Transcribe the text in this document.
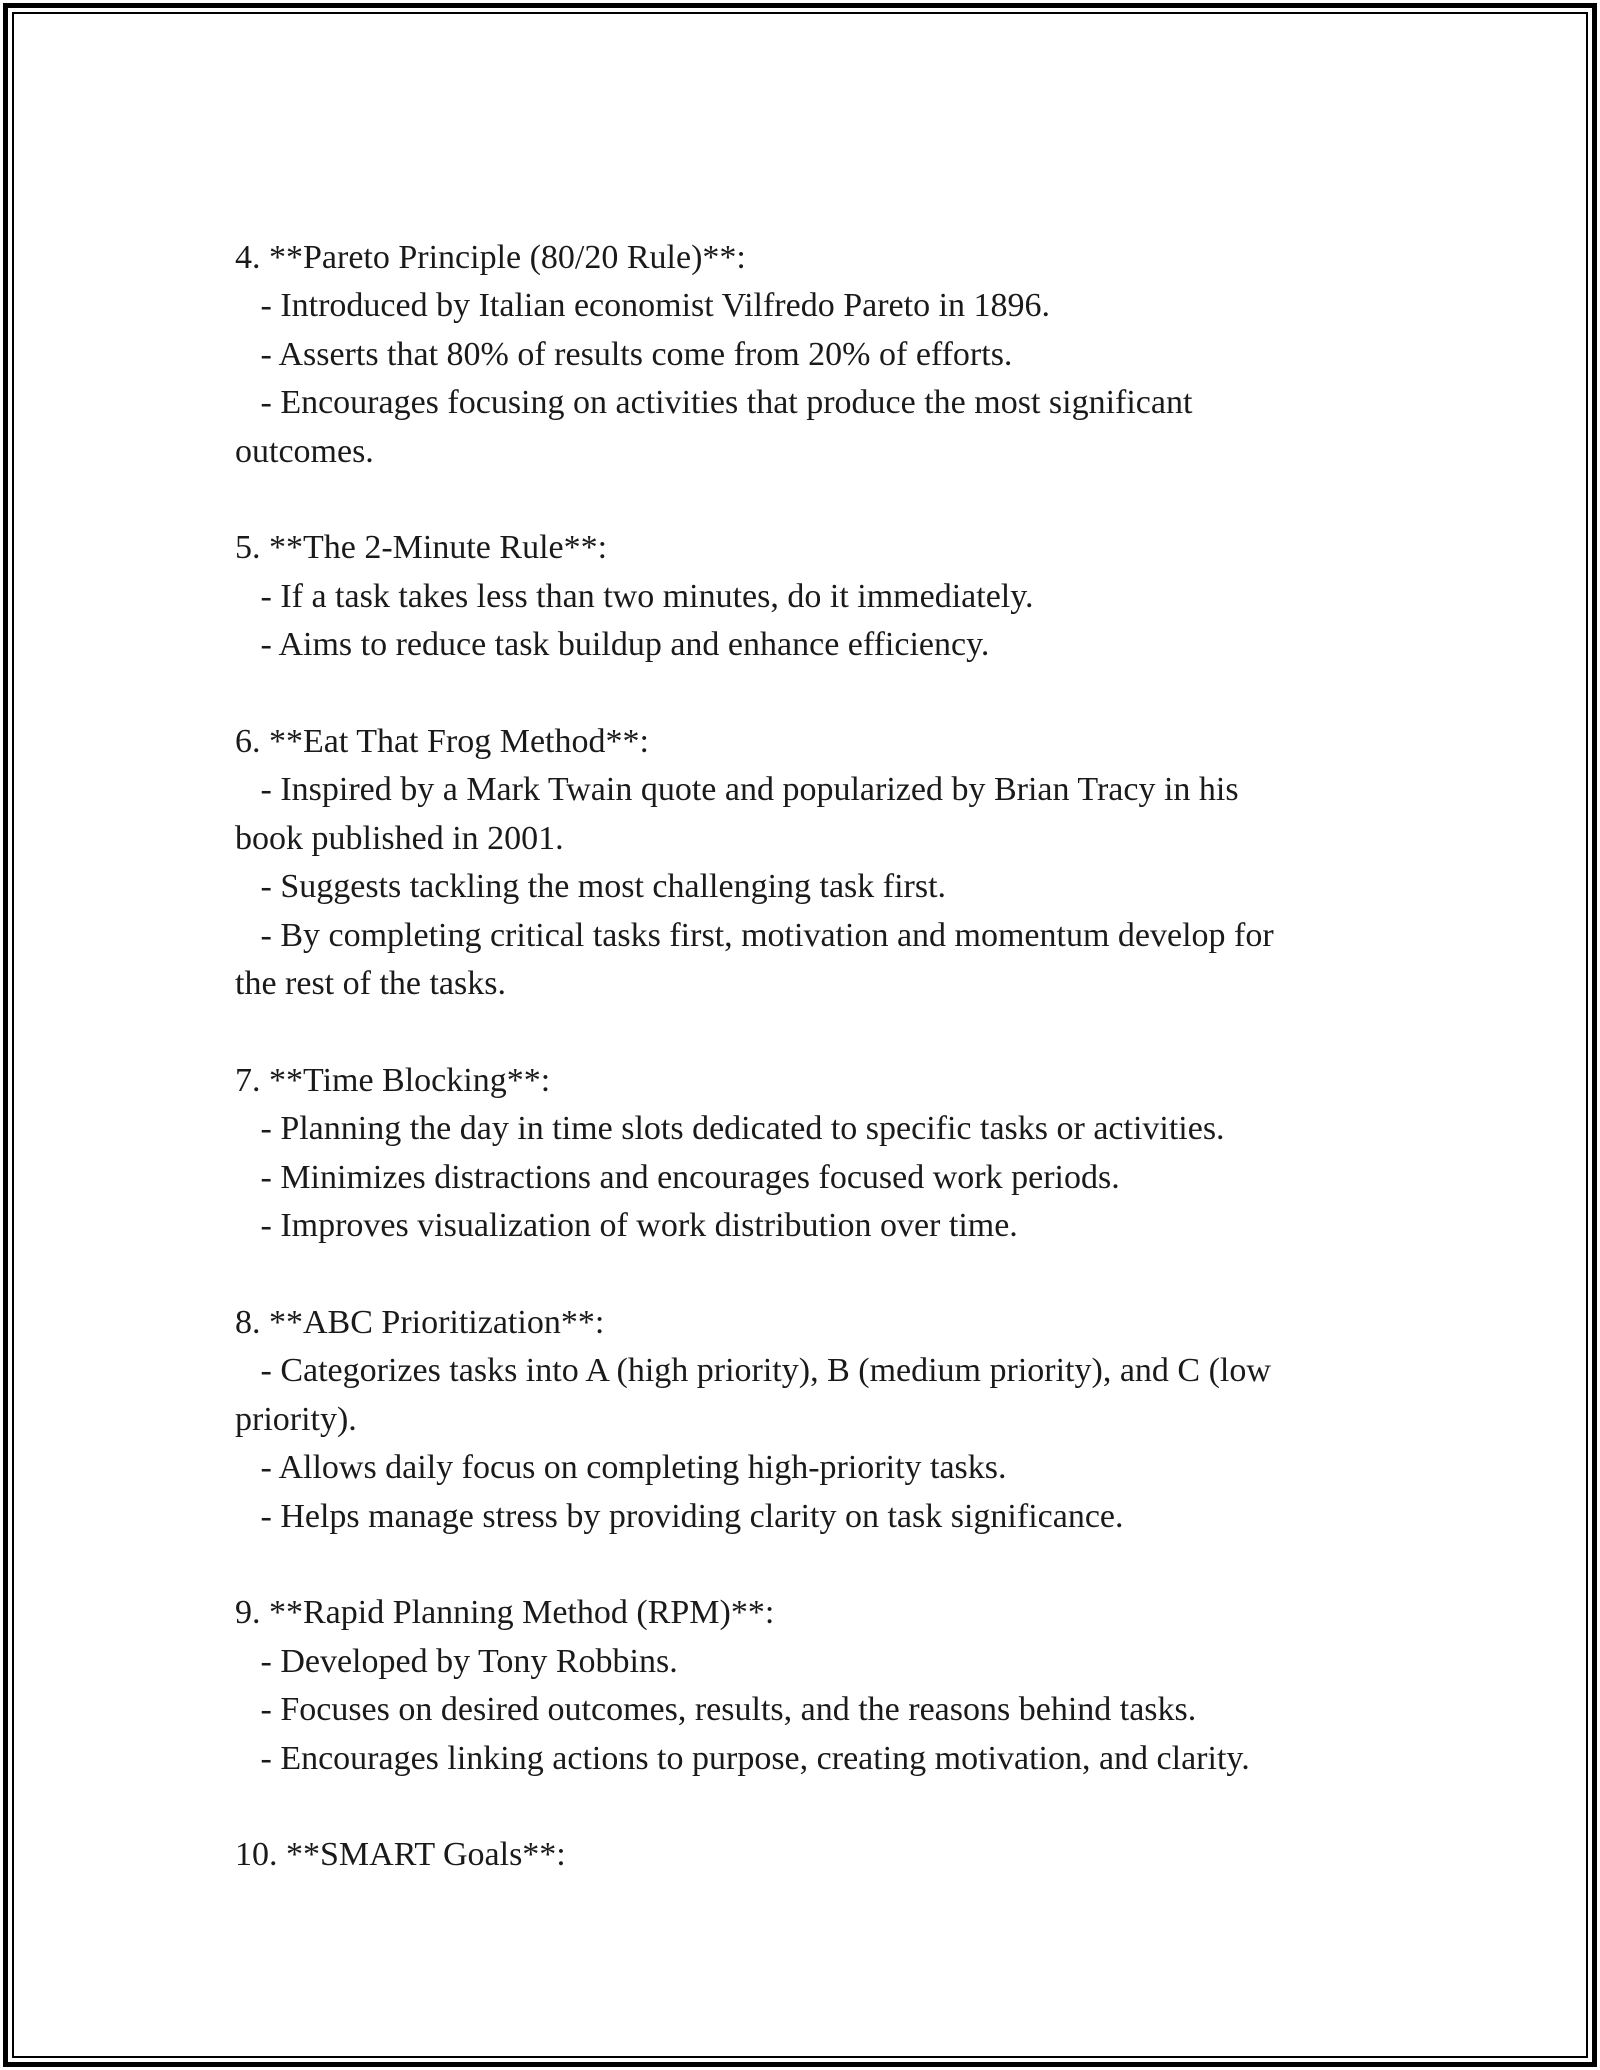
4. **Pareto Principle (80/20 Rule)**:

- Introduced by Italian economist Vilfredo Pareto in 1896.

- Asserts that 80% of results come from 20% of efforts.

- Encourages focusing on activities that produce the most significant

outcomes.

5. **The 2-Minute Rule**:

- If a task takes less than two minutes, do it immediately.

- Aims to reduce task buildup and enhance efficiency.

6. **Eat That Frog Method**:

- Inspired by a Mark Twain quote and popularized by Brian Tracy in his

book published in 2001.

- Suggests tackling the most challenging task first.

- By completing critical tasks first, motivation and momentum develop for

the rest of the tasks.

7. **Time Blocking**:

- Planning the day in time slots dedicated to specific tasks or activities.

- Minimizes distractions and encourages focused work periods.

- Improves visualization of work distribution over time.

8. **ABC Prioritization**:

- Categorizes tasks into A (high priority), B (medium priority), and C (low

priority).

- Allows daily focus on completing high-priority tasks.

- Helps manage stress by providing clarity on task significance.

9. **Rapid Planning Method (RPM)**:

- Developed by Tony Robbins.

- Focuses on desired outcomes, results, and the reasons behind tasks.

- Encourages linking actions to purpose, creating motivation, and clarity.

10. **SMART Goals**:
